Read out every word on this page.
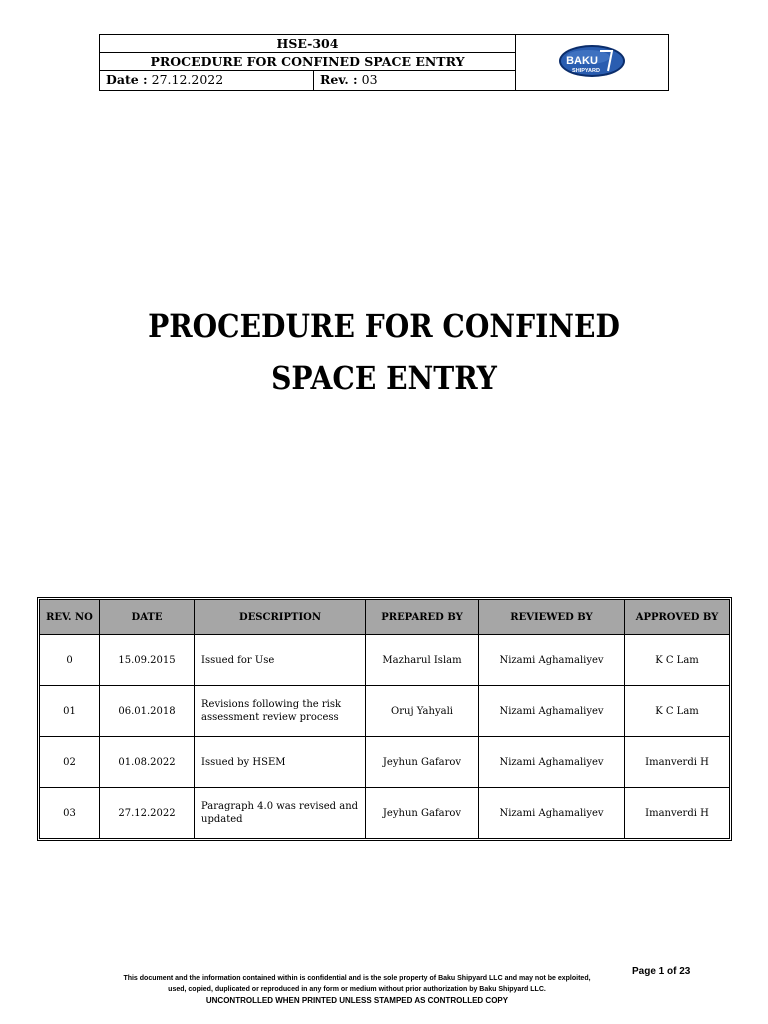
HSE-304
PROCEDURE FOR CONFINED SPACE ENTRY
Date : 27.12.2022	Rev. : 03
BAKU
SHIPYARD
PROCEDURE FOR CONFINED
SPACE ENTRY
REV. NO	DATE	DESCRIPTION	PREPARED BY	REVIEWED BY	APPROVED BY
0	15.09.2015	Issued for Use	Mazharul Islam	Nizami Aghamaliyev	K C Lam
01	06.01.2018	Revisions following the risk assessment review process	Oruj Yahyali	Nizami Aghamaliyev	K C Lam
02	01.08.2022	Issued by HSEM	Jeyhun Gafarov	Nizami Aghamaliyev	Imanverdi H
03	27.12.2022	Paragraph 4.0 was revised and updated	Jeyhun Gafarov	Nizami Aghamaliyev	Imanverdi H
Page 1 of 23
This document and the information contained within is confidential and is the sole property of Baku Shipyard LLC and may not be exploited,
used, copied, duplicated or reproduced in any form or medium without prior authorization by Baku Shipyard LLC.
UNCONTROLLED WHEN PRINTED UNLESS STAMPED AS CONTROLLED COPY
